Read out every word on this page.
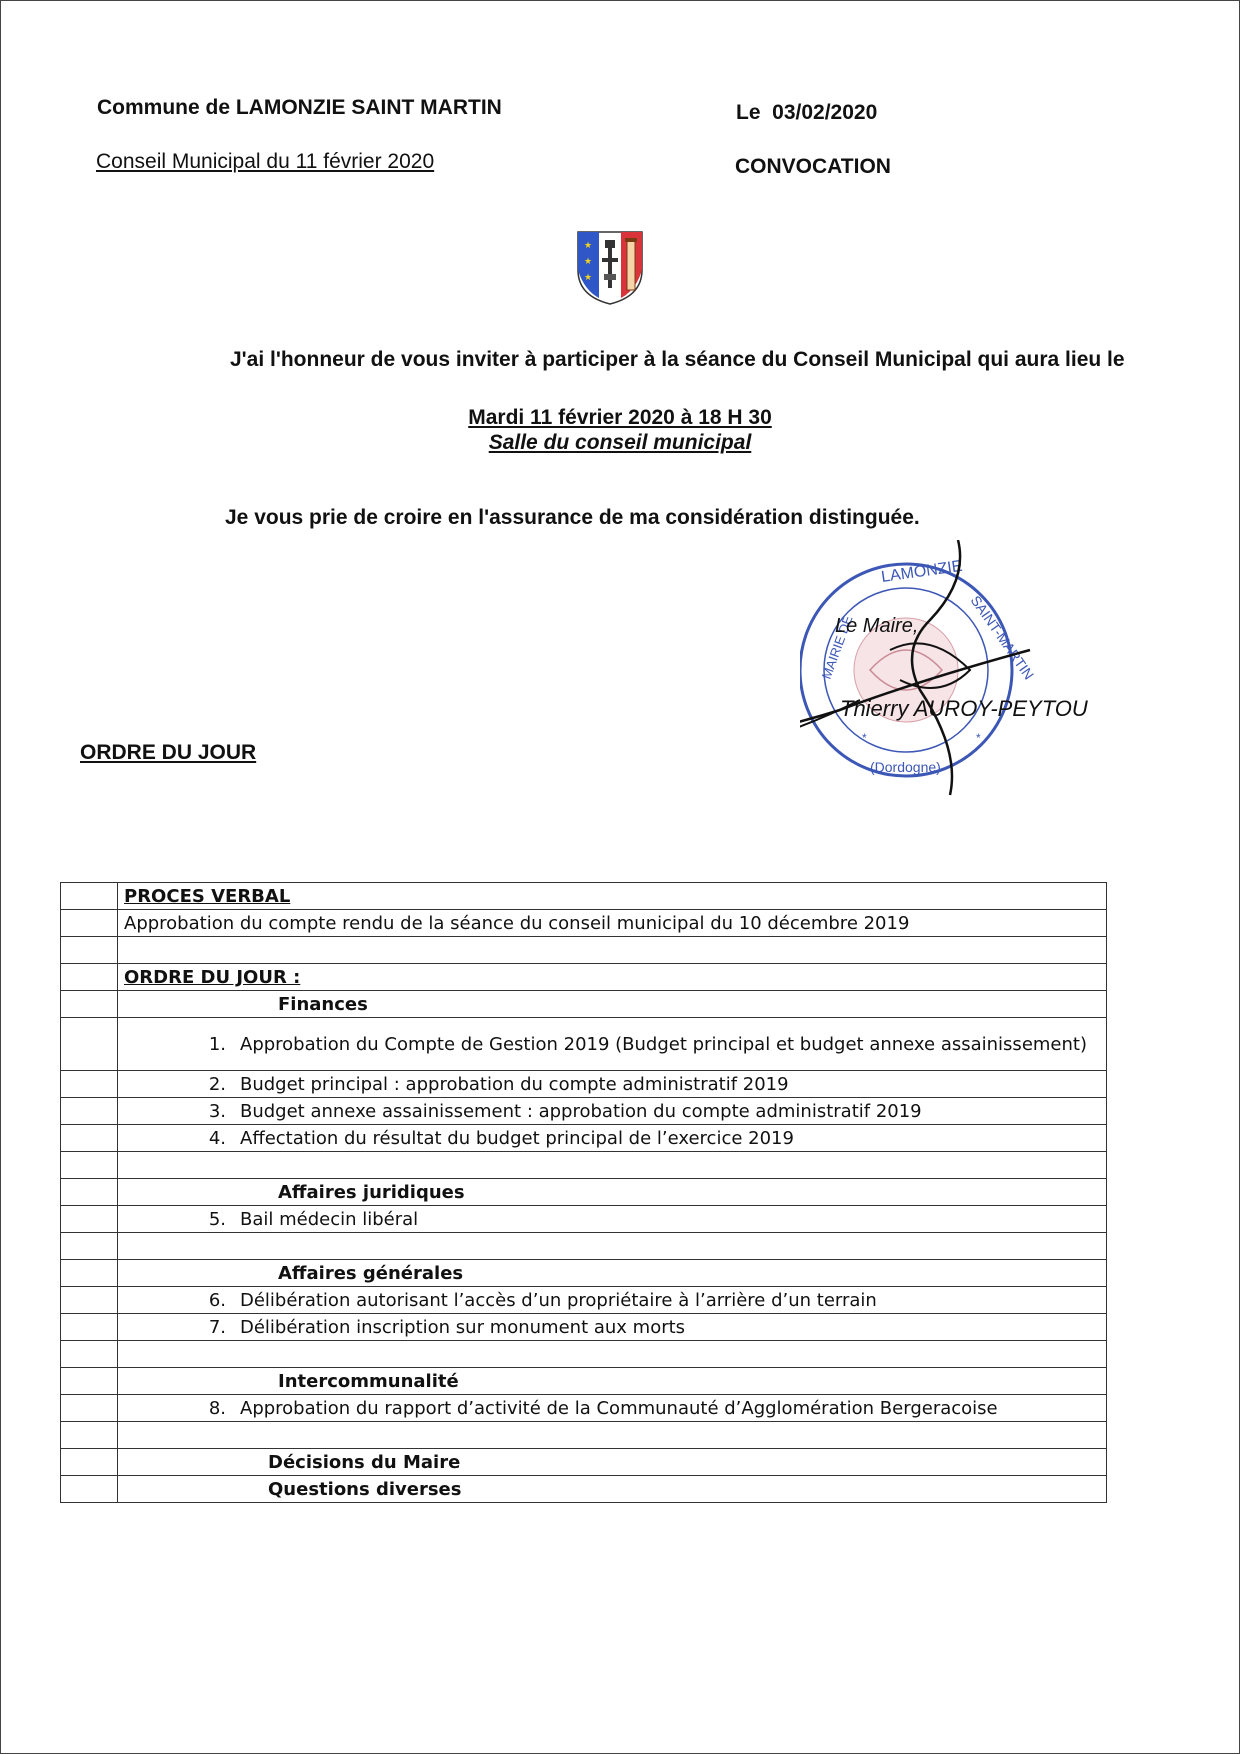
Commune de LAMONZIE SAINT MARTIN	Le  03/02/2020
Conseil Municipal du 11 février 2020	CONVOCATION
★
★
★
J'ai l'honneur de vous inviter à participer à la séance du Conseil Municipal qui aura lieu le
Mardi 11 février 2020 à 18 H 30
Salle du conseil municipal
Je vous prie de croire en l'assurance de ma considération distinguée.
MAIRIE DE
LAMONZIE
SAINT-MARTIN
(Dordogne)
*	*
Le Maire,
Thierry AUROY-PEYTOU
ORDRE DU JOUR
	PROCES VERBAL
	Approbation du compte rendu de la séance du conseil municipal du 10 décembre 2019

	ORDRE DU JOUR :
	Finances

	1. Approbation du Compte de Gestion 2019 (Budget principal et budget annexe assainissement)

	2. Budget principal : approbation du compte administratif 2019
	3. Budget annexe assainissement : approbation du compte administratif 2019
	4. Affectation du résultat du budget principal de l’exercice 2019

	Affaires juridiques
	5. Bail médecin libéral

	Affaires générales
	6. Délibération autorisant l’accès d’un propriétaire à l’arrière d’un terrain
	7. Délibération inscription sur monument aux morts

	Intercommunalité
	8. Approbation du rapport d’activité de la Communauté d’Agglomération Bergeracoise

	Décisions du Maire
	Questions diverses
